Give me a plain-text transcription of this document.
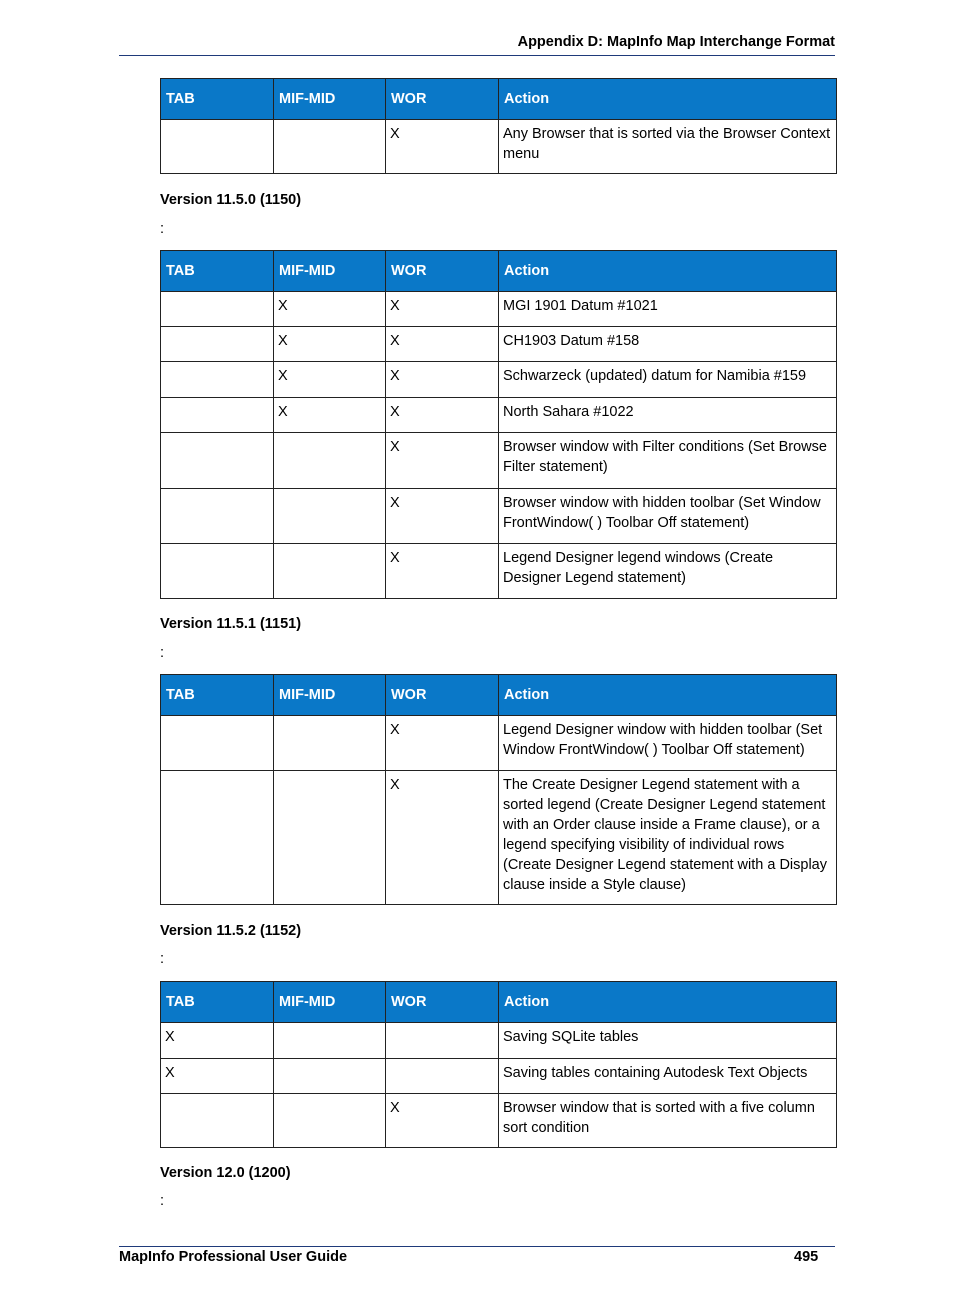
Appendix D: MapInfo Map Interchange Format
TAB	MIF-MID	WOR	Action
		X	Any Browser that is sorted via the Browser Context menu
Version 11.5.0 (1150)
:
TAB	MIF-MID	WOR	Action
	X	X	MGI 1901 Datum #1021
	X	X	CH1903 Datum #158
	X	X	Schwarzeck (updated) datum for Namibia #159
	X	X	North Sahara #1022
		X	Browser window with Filter conditions (Set Browse Filter statement)
		X	Browser window with hidden toolbar (Set Window FrontWindow( ) Toolbar Off statement)
		X	Legend Designer legend windows (Create Designer Legend statement)
Version 11.5.1 (1151)
:
TAB	MIF-MID	WOR	Action
		X	Legend Designer window with hidden toolbar (Set Window FrontWindow( ) Toolbar Off statement)
		X	The Create Designer Legend statement with a sorted legend (Create Designer Legend statement with an Order clause inside a Frame clause), or a legend specifying visibility of individual rows (Create Designer Legend statement with a Display clause inside a Style clause)
Version 11.5.2 (1152)
:
TAB	MIF-MID	WOR	Action
X			Saving SQLite tables
X			Saving tables containing Autodesk Text Objects
		X	Browser window that is sorted with a five column sort condition
Version 12.0 (1200)
:
MapInfo Professional User Guide	495
